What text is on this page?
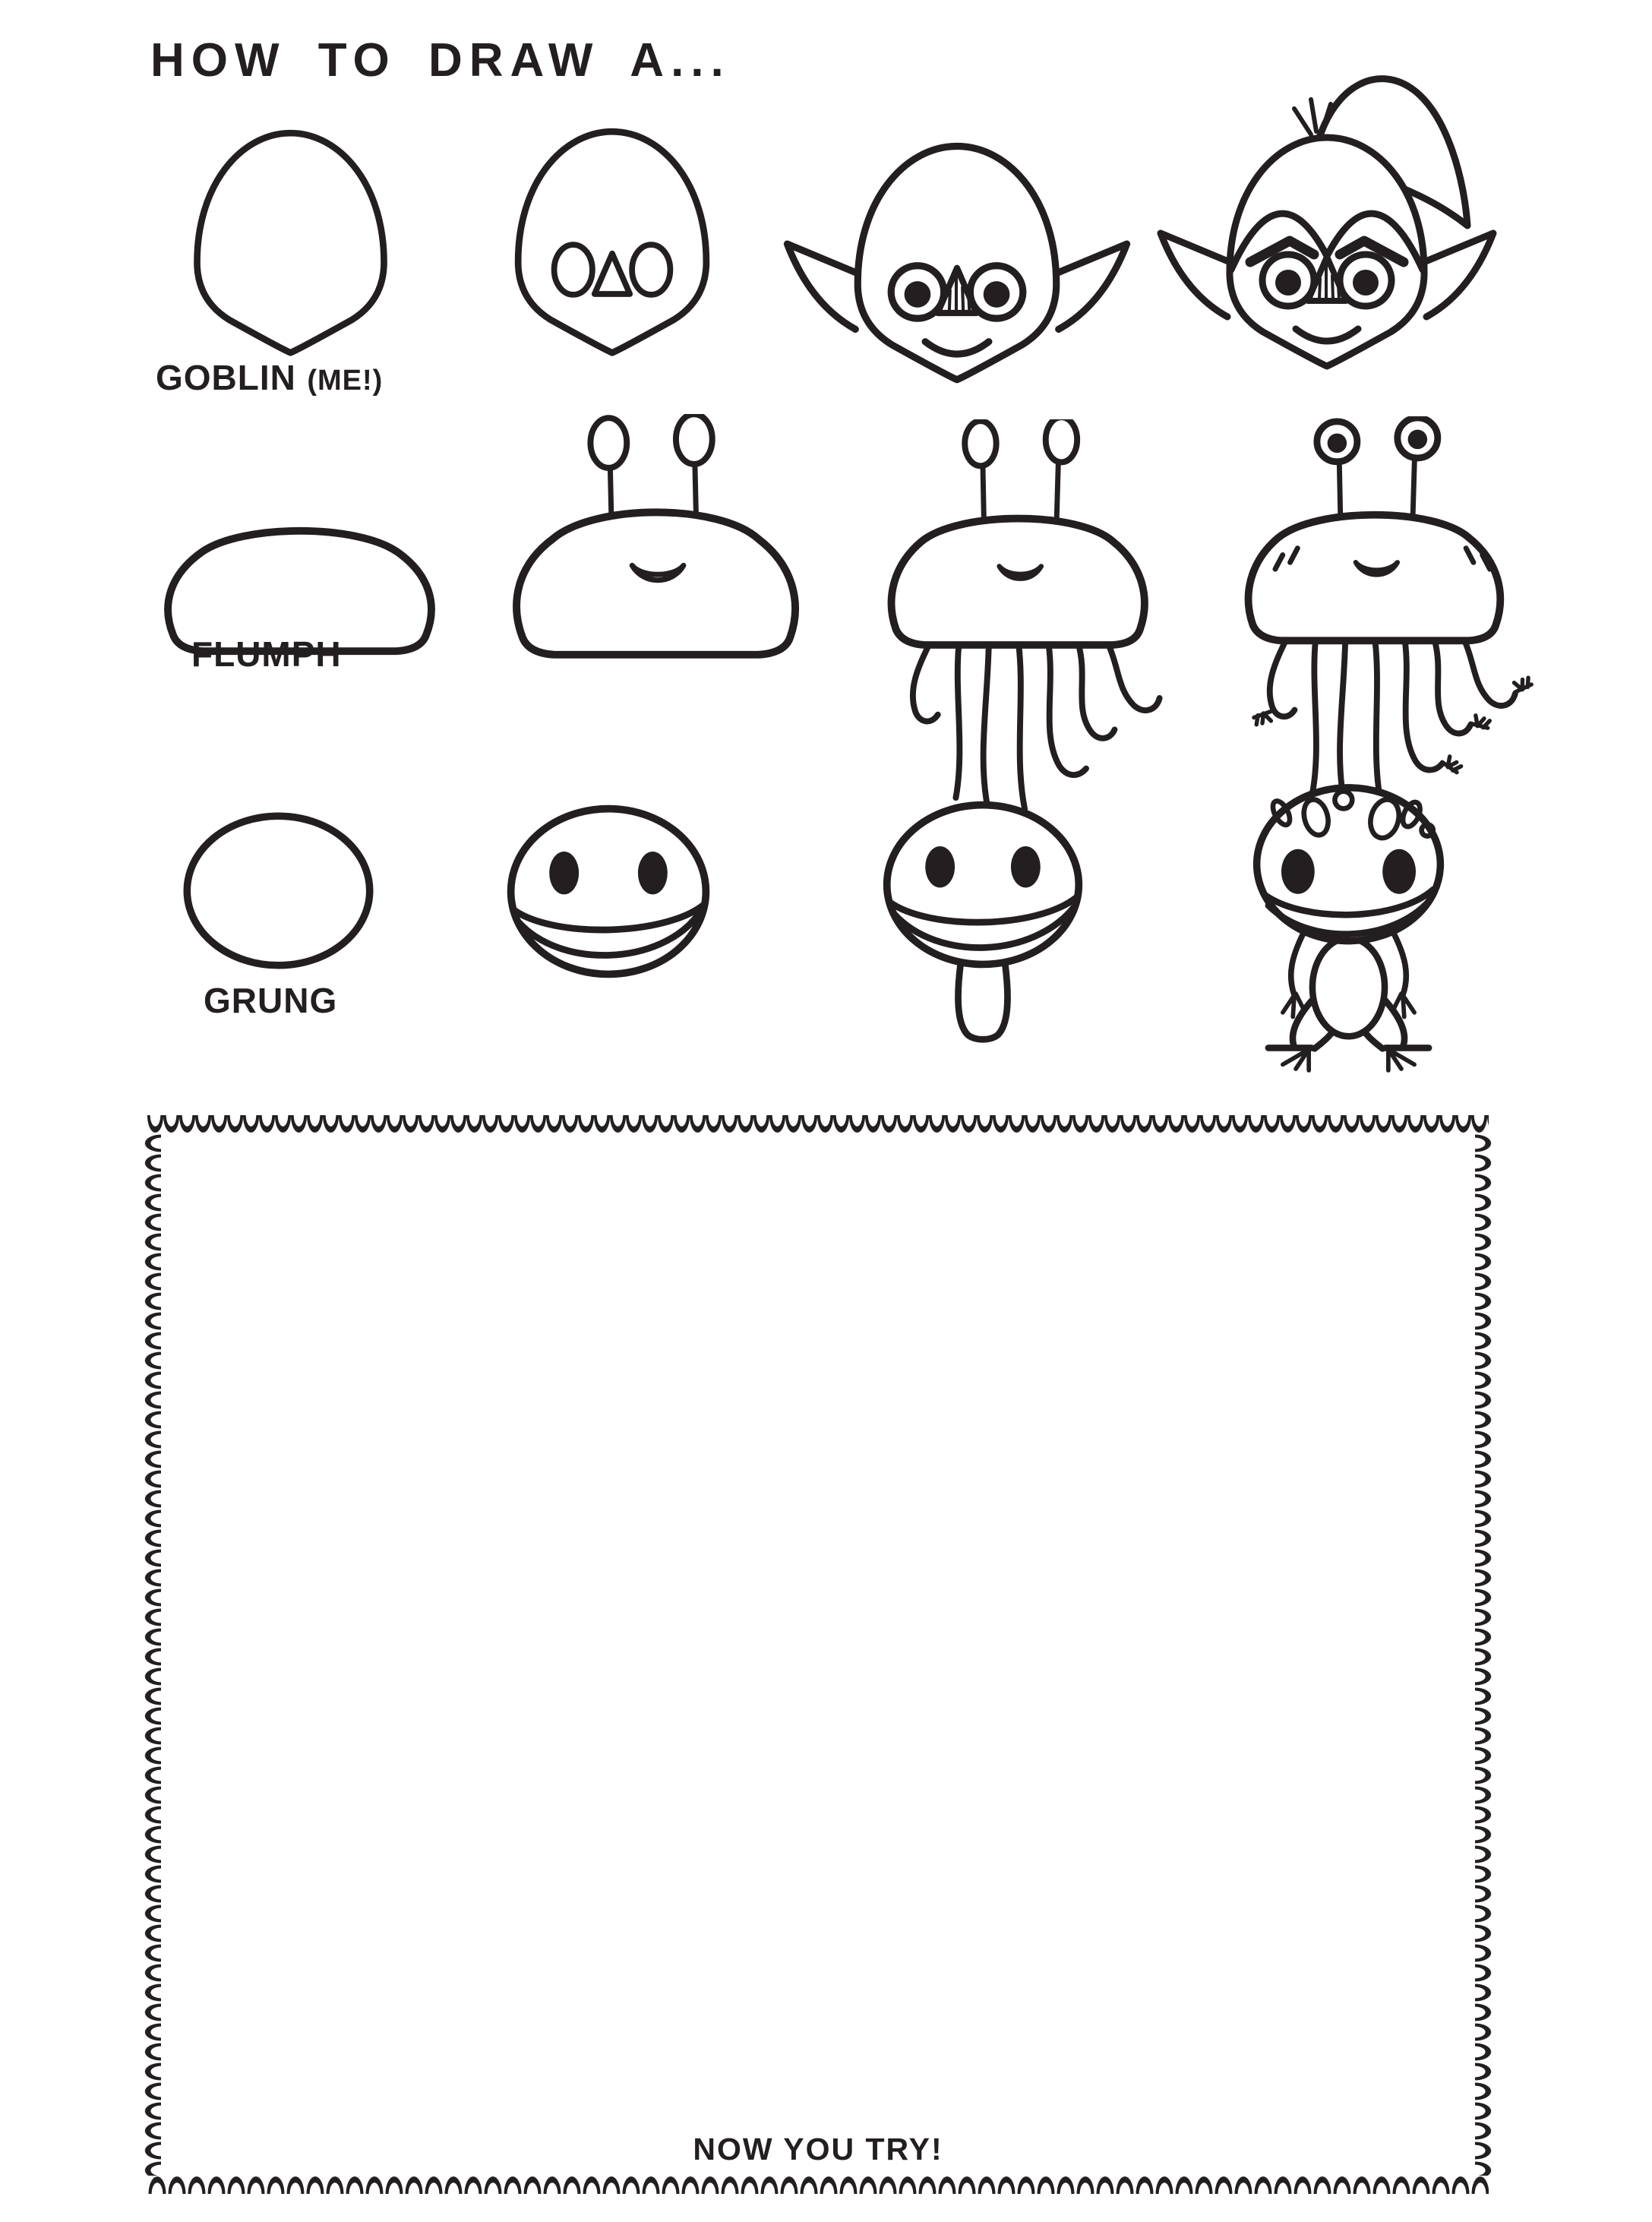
HOW TO DRAW A...
GOBLIN (ME!)
FLUMPH
GRUNG
NOW YOU TRY!
